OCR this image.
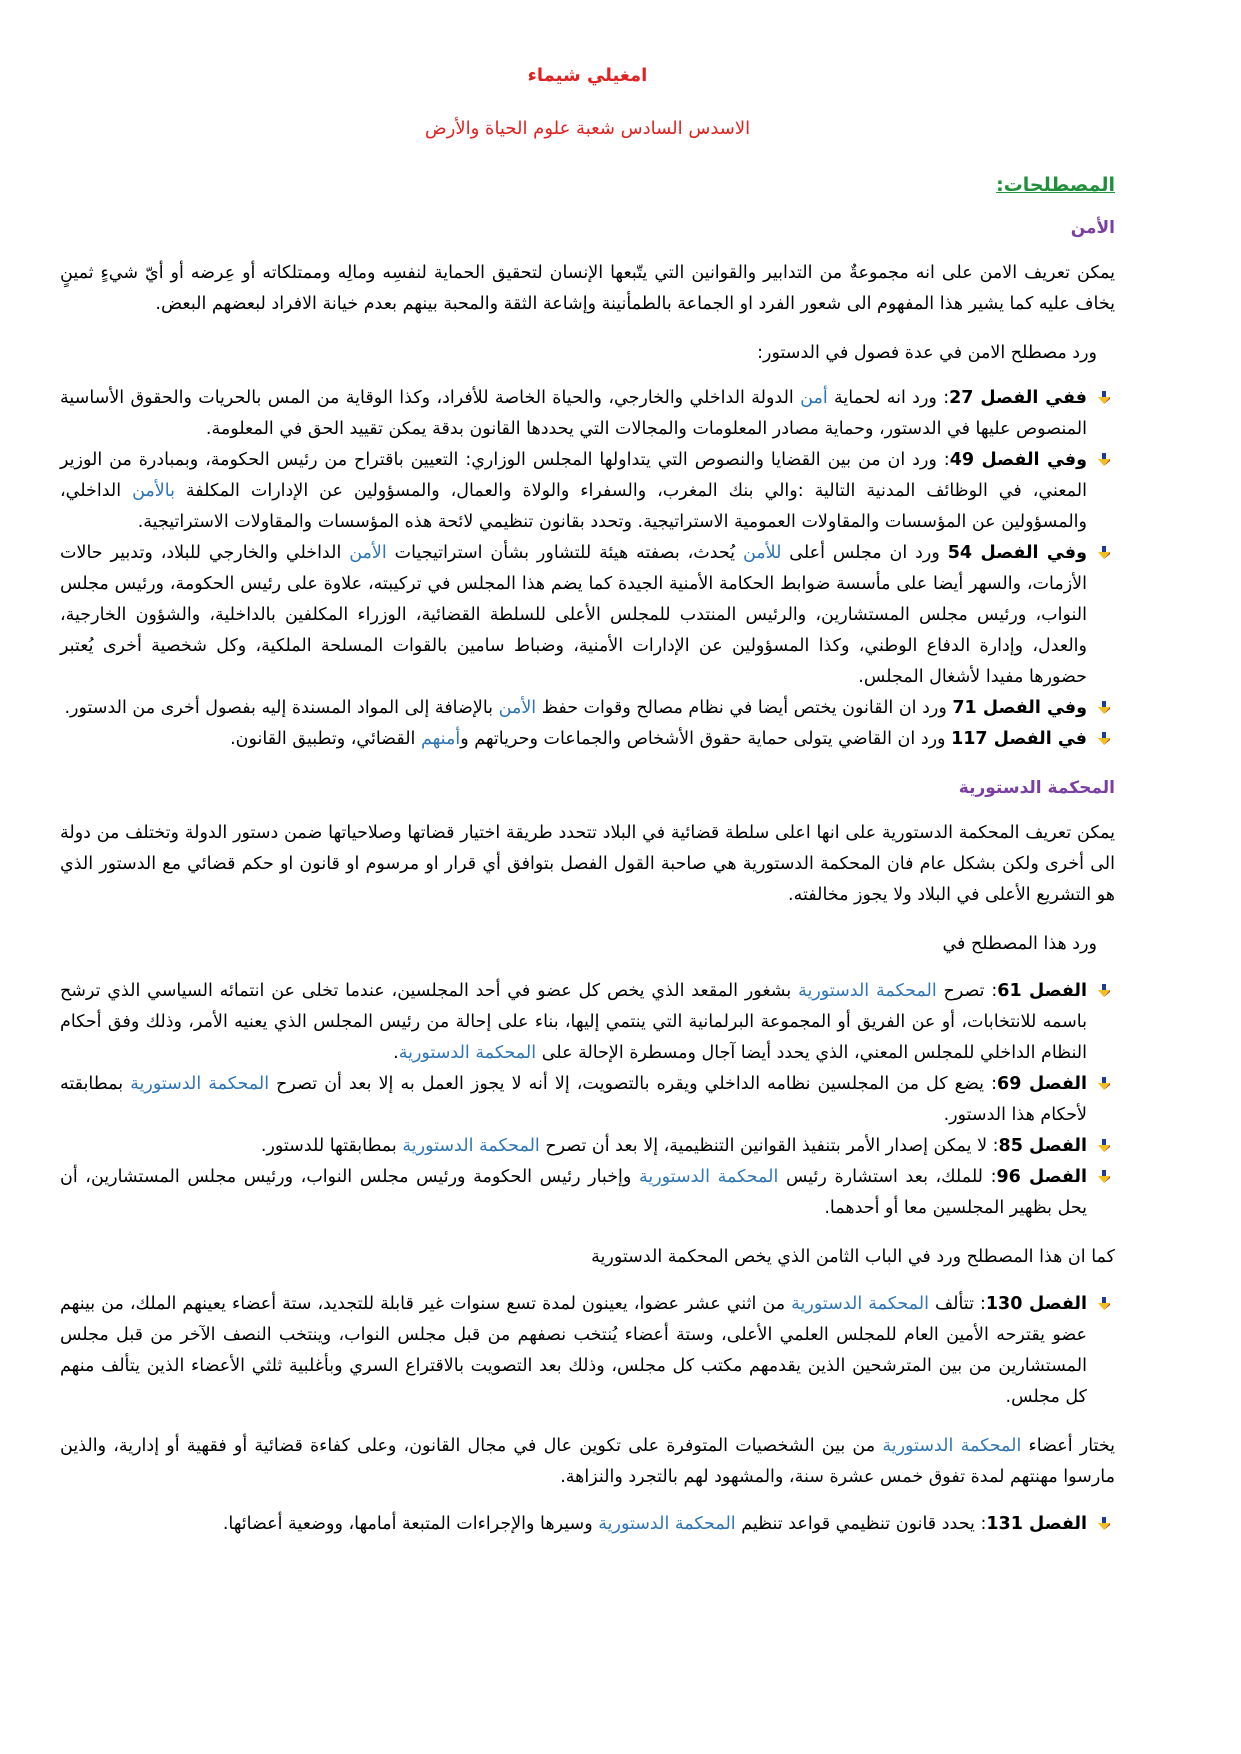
امغيلي شيماء
الاسدس السادس شعبة علوم الحياة والأرض
المصطلحات:
الأمن

يمكن تعريف الامن على انه مجموعةٌ من التدابير والقوانين التي يتّبعها الإنسان لتحقيق الحماية لنفسِه ومالِه وممتلكاته أو عِرضه أو أيّ شيءٍ ثمينٍ يخاف عليه كما يشير هذا المفهوم الى شعور الفرد او الجماعة بالطمأنينة وإشاعة الثقة والمحبة بينهم بعدم خيانة الافراد لبعضهم البعض.

ورد مصطلح الامن في عدة فصول في الدستور:

ففي الفصل 27: ورد انه لحماية أمن الدولة الداخلي والخارجي، والحياة الخاصة للأفراد، وكذا الوقاية من المس بالحريات والحقوق الأساسية المنصوص عليها في الدستور، وحماية مصادر المعلومات والمجالات التي يحددها القانون بدقة يمكن تقييد الحق في المعلومة.
وفي الفصل 49: ورد ان من بين القضايا والنصوص التي يتداولها المجلس الوزاري: التعيين باقتراح من رئيس الحكومة، وبمبادرة من الوزير المعني، في الوظائف المدنية التالية :والي بنك المغرب، والسفراء والولاة والعمال، والمسؤولين عن الإدارات المكلفة بالأمن الداخلي، والمسؤولين عن المؤسسات والمقاولات العمومية الاستراتيجية. وتحدد بقانون تنظيمي لائحة هذه المؤسسات والمقاولات الاستراتيجية.
وفي الفصل 54 ورد ان مجلس أعلى للأمن يُحدث، بصفته هيئة للتشاور بشأن استراتيجيات الأمن الداخلي والخارجي للبلاد، وتدبير حالات الأزمات، والسهر أيضا على مأسسة ضوابط الحكامة الأمنية الجيدة كما يضم هذا المجلس في تركيبته، علاوة على رئيس الحكومة، ورئيس مجلس النواب، ورئيس مجلس المستشارين، والرئيس المنتدب للمجلس الأعلى للسلطة القضائية، الوزراء المكلفين بالداخلية، والشؤون الخارجية، والعدل، وإدارة الدفاع الوطني، وكذا المسؤولين عن الإدارات الأمنية، وضباط سامين بالقوات المسلحة الملكية، وكل شخصية أخرى يُعتبر حضورها مفيدا لأشغال المجلس.
وفي الفصل 71 ورد ان القانون يختص أيضا في نظام مصالح وقوات حفظ الأمن بالإضافة إلى المواد المسندة إليه بفصول أخرى من الدستور.
في الفصل 117 ورد ان القاضي يتولى حماية حقوق الأشخاص والجماعات وحرياتهم وأمنهم القضائي، وتطبيق القانون.
المحكمة الدستورية

يمكن تعريف المحكمة الدستورية على انها اعلى سلطة قضائية في البلاد تتحدد طريقة اختيار قضاتها وصلاحياتها ضمن دستور الدولة وتختلف من دولة الى أخرى ولكن بشكل عام فان المحكمة الدستورية هي صاحبة القول الفصل بتوافق أي قرار او مرسوم او قانون او حكم قضائي مع الدستور الذي هو التشريع الأعلى في البلاد ولا يجوز مخالفته.

ورد هذا المصطلح في

الفصل 61: تصرح المحكمة الدستورية بشغور المقعد الذي يخص كل عضو في أحد المجلسين، عندما تخلى عن انتمائه السياسي الذي ترشح باسمه للانتخابات، أو عن الفريق أو المجموعة البرلمانية التي ينتمي إليها، بناء على إحالة من رئيس المجلس الذي يعنيه الأمر، وذلك وفق أحكام النظام الداخلي للمجلس المعني، الذي يحدد أيضا آجال ومسطرة الإحالة على المحكمة الدستورية.
الفصل 69: يضع كل من المجلسين نظامه الداخلي ويقره بالتصويت، إلا أنه لا يجوز العمل به إلا بعد أن تصرح المحكمة الدستورية بمطابقته لأحكام هذا الدستور.
الفصل 85: لا يمكن إصدار الأمر بتنفيذ القوانين التنظيمية، إلا بعد أن تصرح المحكمة الدستورية بمطابقتها للدستور.
الفصل 96: للملك، بعد استشارة رئيس المحكمة الدستورية وإخبار رئيس الحكومة ورئيس مجلس النواب، ورئيس مجلس المستشارين، أن يحل بظهير المجلسين معا أو أحدهما.

كما ان هذا المصطلح ورد في الباب الثامن الذي يخص المحكمة الدستورية

الفصل 130: تتألف المحكمة الدستورية من اثني عشر عضوا، يعينون لمدة تسع سنوات غير قابلة للتجديد، ستة أعضاء يعينهم الملك، من بينهم عضو يقترحه الأمين العام للمجلس العلمي الأعلى، وستة أعضاء يُنتخب نصفهم من قبل مجلس النواب، وينتخب النصف الآخر من قبل مجلس المستشارين من بين المترشحين الذين يقدمهم مكتب كل مجلس، وذلك بعد التصويت بالاقتراع السري وبأغلبية ثلثي الأعضاء الذين يتألف منهم كل مجلس.

يختار أعضاء المحكمة الدستورية من بين الشخصيات المتوفرة على تكوين عال في مجال القانون، وعلى كفاءة قضائية أو فقهية أو إدارية، والذين مارسوا مهنتهم لمدة تفوق خمس عشرة سنة، والمشهود لهم بالتجرد والنزاهة.

الفصل 131: يحدد قانون تنظيمي قواعد تنظيم المحكمة الدستورية وسيرها والإجراءات المتبعة أمامها، ووضعية أعضائها.
